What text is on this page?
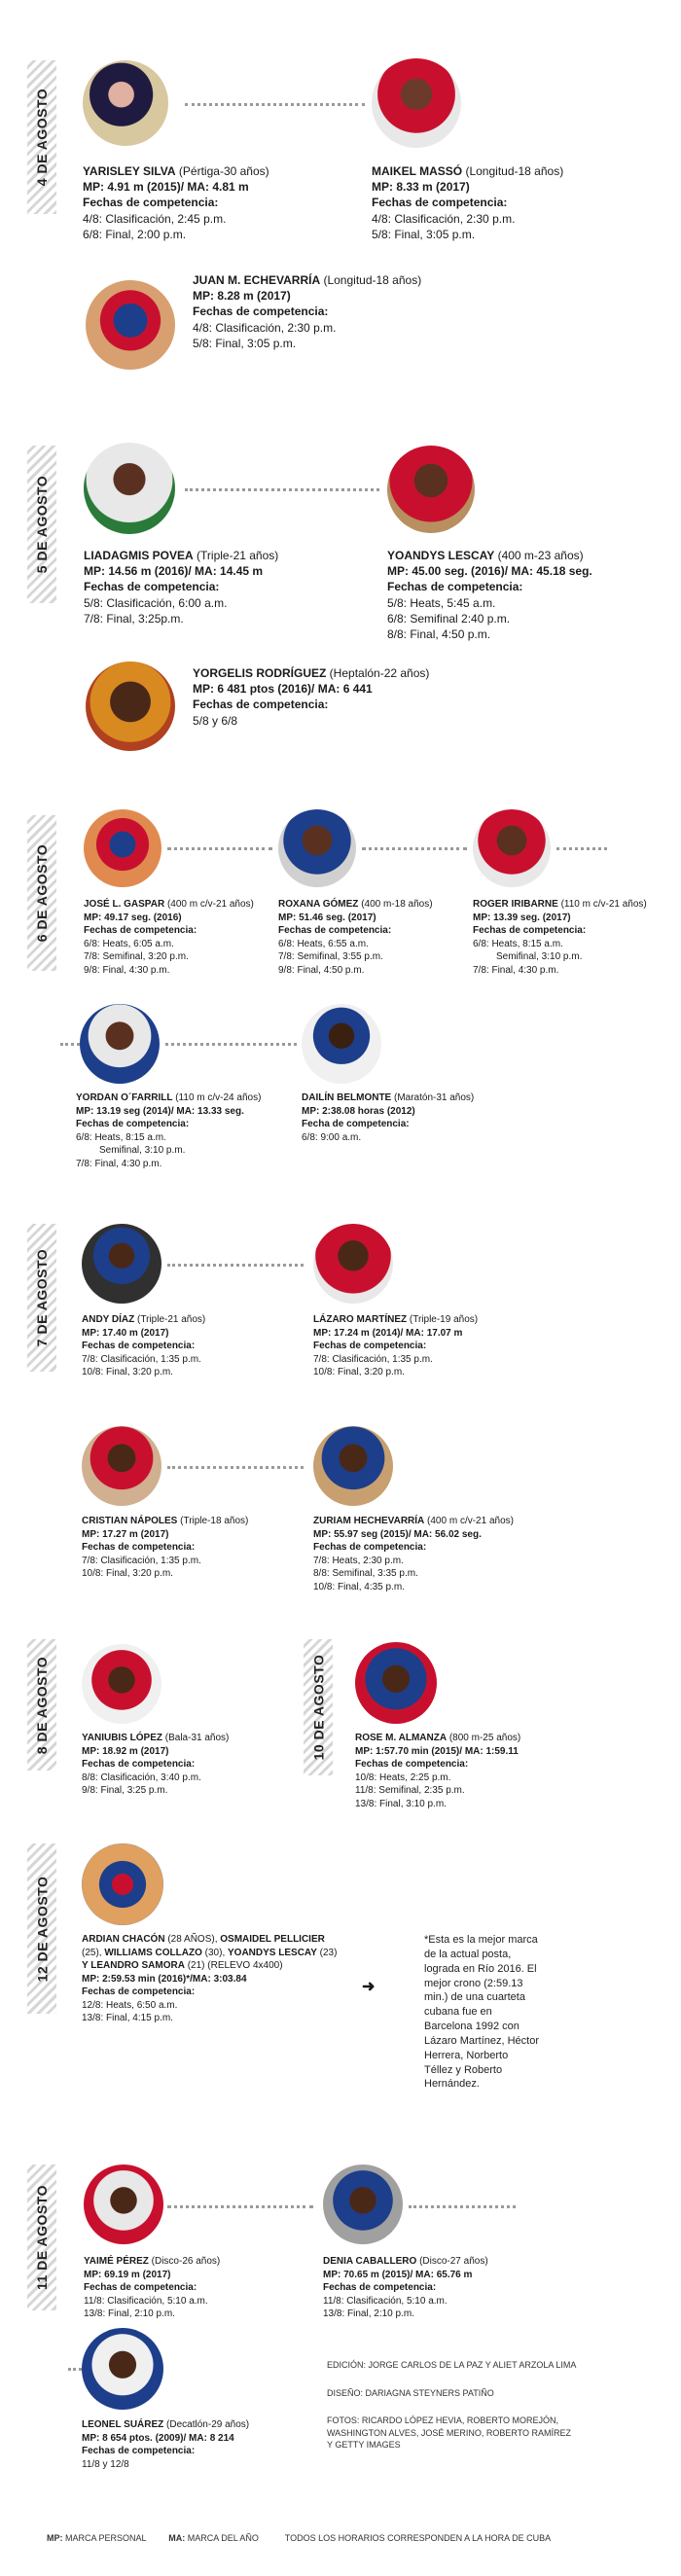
4 DE AGOSTO	YARISLEY SILVA (Pértiga-30 años)
MP: 4.91 m (2015)/ MA: 4.81 m
Fechas de competencia:
4/8: Clasificación, 2:45 p.m.
6/8: Final, 2:00 p.m.
MAIKEL MASSÓ (Longitud-18 años)
MP: 8.33 m (2017)
Fechas de competencia:
4/8: Clasificación, 2:30 p.m.
5/8: Final, 3:05 p.m.
JUAN M. ECHEVARRÍA (Longitud-18 años)
MP: 8.28 m (2017)
Fechas de competencia:
4/8: Clasificación, 2:30 p.m.
5/8: Final, 3:05 p.m.
5 DE AGOSTO	LIADAGMIS POVEA (Triple-21 años)
MP: 14.56 m (2016)/ MA: 14.45 m
Fechas de competencia:
5/8: Clasificación, 6:00 a.m.
7/8: Final, 3:25p.m.
YOANDYS LESCAY (400 m-23 años)
MP: 45.00 seg. (2016)/ MA: 45.18 seg.
Fechas de competencia:
5/8: Heats, 5:45 a.m.
6/8: Semifinal 2:40 p.m.
8/8: Final, 4:50 p.m.
YORGELIS RODRÍGUEZ (Heptalón-22 años)
MP: 6 481 ptos (2016)/ MA: 6 441
Fechas de competencia:
5/8 y 6/8
6 DE AGOSTO	JOSÉ L. GASPAR (400 m c/v-21 años)
MP: 49.17 seg. (2016)
Fechas de competencia:
6/8: Heats, 6:05 a.m.
7/8: Semifinal, 3:20 p.m.
9/8: Final, 4:30 p.m.
ROXANA GÓMEZ (400 m-18 años)
MP: 51.46 seg. (2017)
Fechas de competencia:
6/8: Heats, 6:55 a.m.
7/8: Semifinal, 3:55 p.m.
9/8: Final, 4:50 p.m.
ROGER IRIBARNE (110 m c/v-21 años)
MP: 13.39 seg. (2017)
Fechas de competencia:
6/8: Heats, 8:15 a.m.
Semifinal, 3:10 p.m.
7/8: Final, 4:30 p.m.
YORDAN O´FARRILL (110 m c/v-24 años)
MP: 13.19 seg (2014)/ MA: 13.33 seg.
Fechas de competencia:
6/8: Heats, 8:15 a.m.
Semifinal, 3:10 p.m.
7/8: Final, 4:30 p.m.
DAILÍN BELMONTE (Maratón-31 años)
MP: 2:38.08 horas (2012)
Fecha de competencia:
6/8: 9:00 a.m.
7 DE AGOSTO	ANDY DÍAZ (Triple-21 años)
MP: 17.40 m (2017)
Fechas de competencia:
7/8: Clasificación, 1:35 p.m.
10/8: Final, 3:20 p.m.
LÁZARO MARTÍNEZ (Triple-19 años)
MP: 17.24 m (2014)/ MA: 17.07 m
Fechas de competencia:
7/8: Clasificación, 1:35 p.m.
10/8: Final, 3:20 p.m.
CRISTIAN NÁPOLES (Triple-18 años)
MP: 17.27 m (2017)
Fechas de competencia:
7/8: Clasificación, 1:35 p.m.
10/8: Final, 3:20 p.m.
ZURIAM HECHEVARRÍA (400 m c/v-21 años)
MP: 55.97 seg (2015)/ MA: 56.02 seg.
Fechas de competencia:
7/8: Heats, 2:30 p.m.
8/8: Semifinal, 3:35 p.m.
10/8: Final, 4:35 p.m.
8 DE AGOSTO	YANIUBIS LÓPEZ (Bala-31 años)
MP: 18.92 m (2017)
Fechas de competencia:
8/8: Clasificación, 3:40 p.m.
9/8: Final, 3:25 p.m.
10 DE AGOSTO	ROSE M. ALMANZA (800 m-25 años)
MP: 1:57.70 min (2015)/ MA: 1:59.11
Fechas de competencia:
10/8: Heats, 2:25 p.m.
11/8: Semifinal, 2:35 p.m.
13/8: Final, 3:10 p.m.
12 DE AGOSTO	ARDIAN CHACÓN (28 AÑOS), OSMAIDEL PELLICIER
(25), WILLIAMS COLLAZO (30), YOANDYS LESCAY (23)
Y LEANDRO SAMORA (21) (RELEVO 4x400)
MP: 2:59.53 min (2016)*/MA: 3:03.84
Fechas de competencia:
12/8: Heats, 6:50 a.m.
13/8: Final, 4:15 p.m.
➜
*Esta es la mejor marca de la actual posta, lograda en Río 2016. El mejor crono (2:59.13 min.) de una cuarteta cubana fue en Barcelona 1992 con Lázaro Martínez, Héctor Herrera, Norberto Téllez y Roberto Hernández.
11 DE AGOSTO	YAIMÉ PÉREZ (Disco-26 años)
MP: 69.19 m (2017)
Fechas de competencia:
11/8: Clasificación, 5:10 a.m.
13/8: Final, 2:10 p.m.
DENIA CABALLERO (Disco-27 años)
MP: 70.65 m (2015)/ MA: 65.76 m
Fechas de competencia:
11/8: Clasificación, 5:10 a.m.
13/8: Final, 2:10 p.m.
LEONEL SUÁREZ (Decatlón-29 años)
MP: 8 654 ptos. (2009)/ MA: 8 214
Fechas de competencia:
11/8 y 12/8
EDICIÓN: JORGE CARLOS DE LA PAZ Y ALIET ARZOLA LIMA
DISEÑO: DARIAGNA STEYNERS PATIÑO
FOTOS: RICARDO LÓPEZ HEVIA, ROBERTO MOREJÓN,
WASHINGTON ALVES, JOSÉ MERINO, ROBERTO RAMÍREZ
Y GETTY IMAGES
MP: MARCA PERSONAL	MA: MARCA DEL AÑO	TODOS LOS HORARIOS CORRESPONDEN A LA HORA DE CUBA
